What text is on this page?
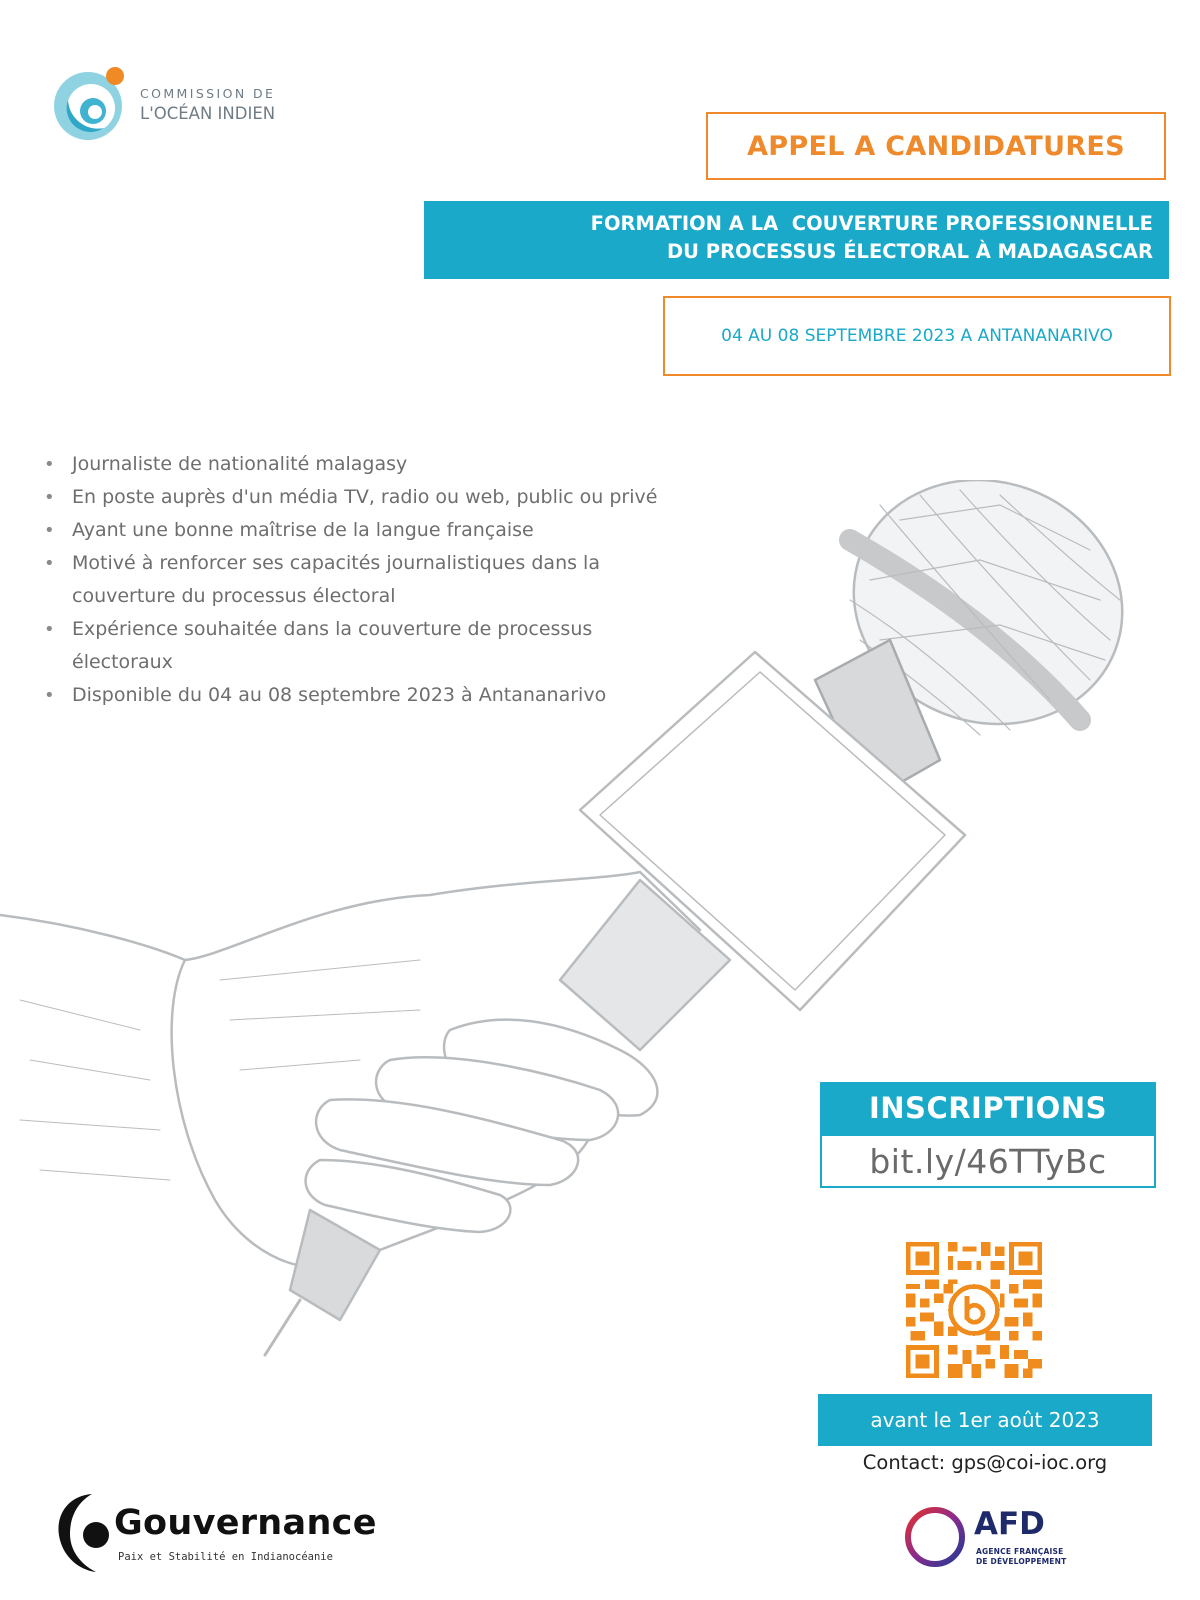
COMMISSION DE
L'OCÉAN INDIEN
APPEL A CANDIDATURES
FORMATION A LA  COUVERTURE PROFESSIONNELLE
DU PROCESSUS ÉLECTORAL À MADAGASCAR
04 AU 08 SEPTEMBRE 2023 A ANTANANARIVO
• Journaliste de nationalité malagasy
• En poste auprès d'un média TV, radio ou web, public ou privé
• Ayant une bonne maîtrise de la langue française
• Motivé à renforcer ses capacités journalistiques dans la couverture du processus électoral
• Expérience souhaitée dans la couverture de processus électoraux
• Disponible du 04 au 08 septembre 2023 à Antananarivo
INSCRIPTIONS
bit.ly/46TTyBc
avant le 1er août 2023
Contact: gps@coi-ioc.org
Gouvernance
Paix et Stabilité en Indianocéanie
AFD
AGENCE FRANÇAISE
DE DÉVELOPPEMENT
